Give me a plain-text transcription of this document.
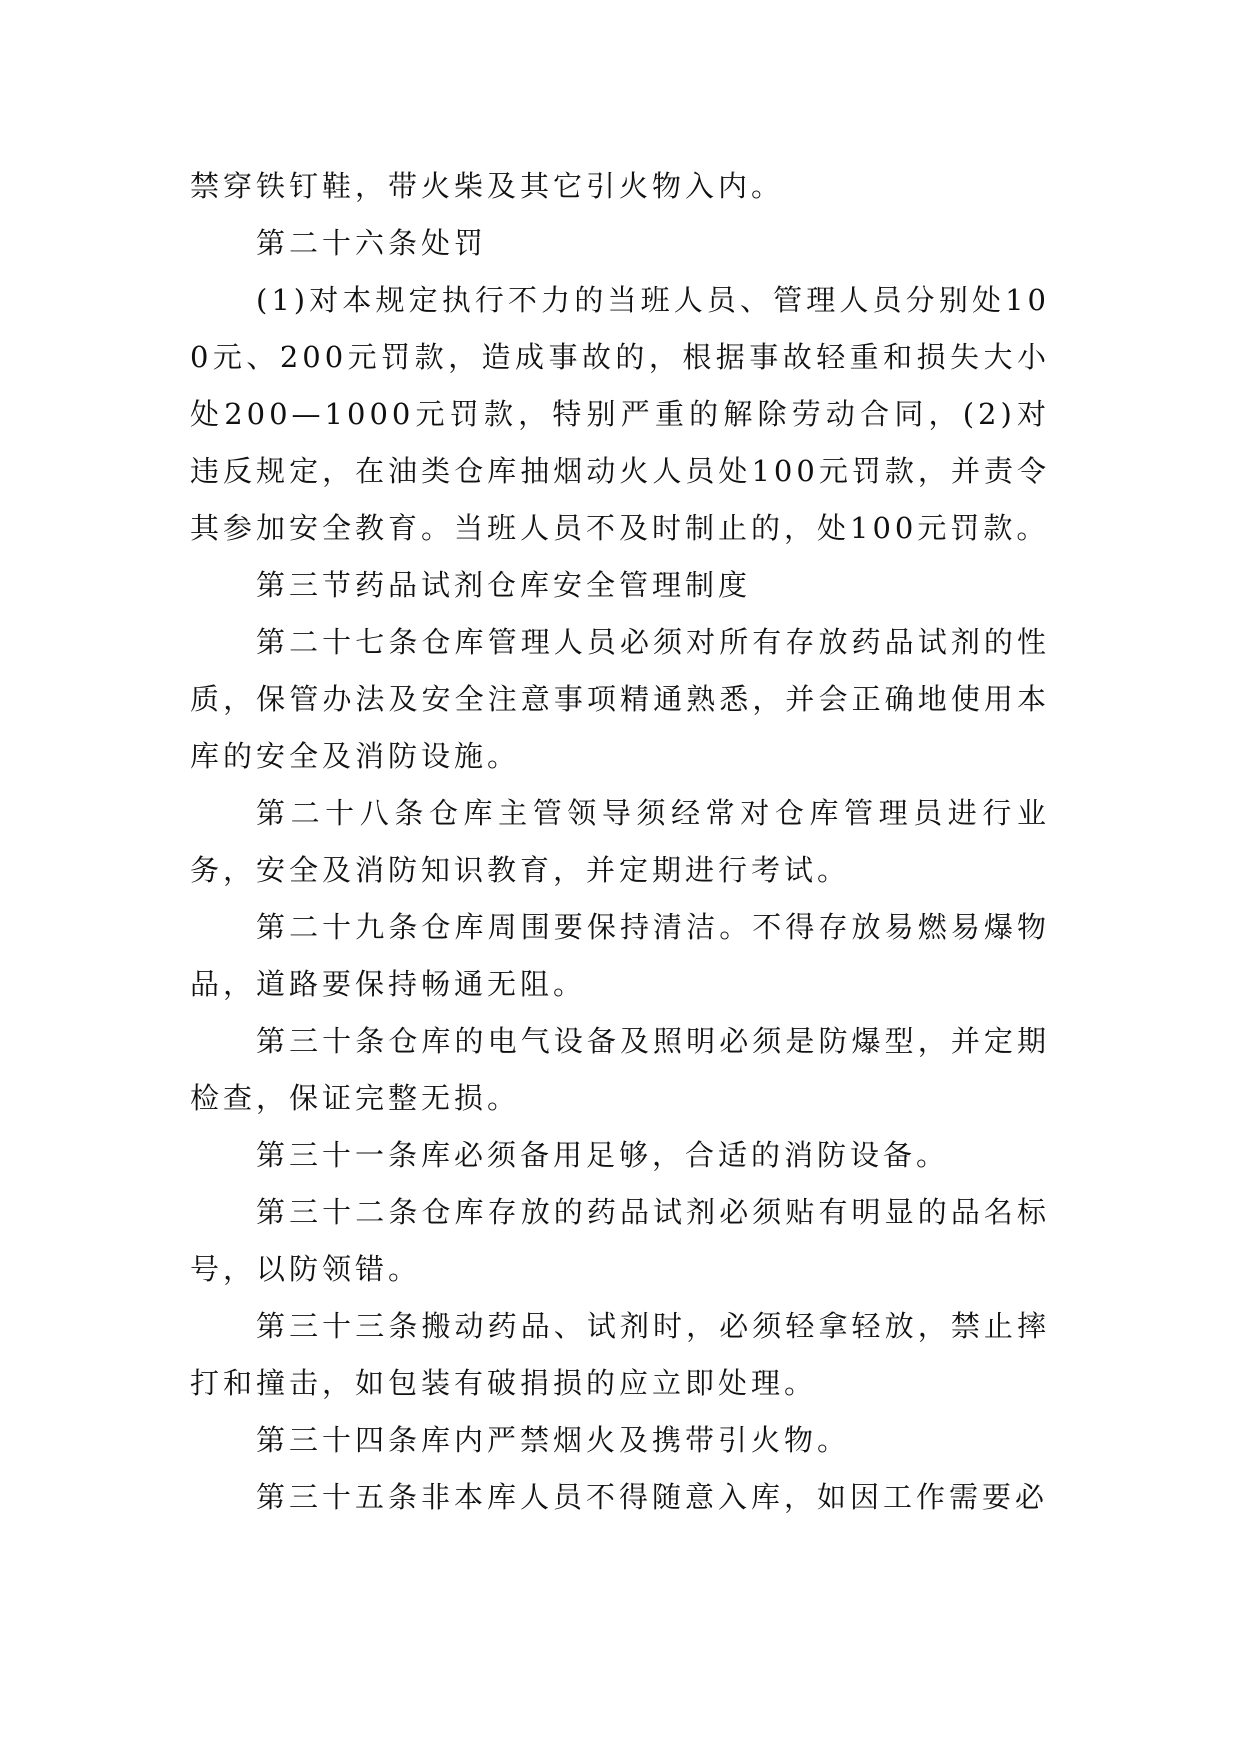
禁穿铁钉鞋，带火柴及其它引火物入内。

第二十六条处罚

(1)对本规定执行不力的当班人员、管理人员分别处100元、200元罚款，造成事故的，根据事故轻重和损失大小处200—1000元罚款，特别严重的解除劳动合同，(2)对违反规定，在油类仓库抽烟动火人员处100元罚款，并责令其参加安全教育。当班人员不及时制止的，处100元罚款。

第三节药品试剂仓库安全管理制度

第二十七条仓库管理人员必须对所有存放药品试剂的性质，保管办法及安全注意事项精通熟悉，并会正确地使用本库的安全及消防设施。

第二十八条仓库主管领导须经常对仓库管理员进行业务，安全及消防知识教育，并定期进行考试。

第二十九条仓库周围要保持清洁。不得存放易燃易爆物品，道路要保持畅通无阻。

第三十条仓库的电气设备及照明必须是防爆型，并定期检查，保证完整无损。

第三十一条库必须备用足够，合适的消防设备。

第三十二条仓库存放的药品试剂必须贴有明显的品名标号，以防领错。

第三十三条搬动药品、试剂时，必须轻拿轻放，禁止摔打和撞击，如包装有破捐损的应立即处理。

第三十四条库内严禁烟火及携带引火物。

第三十五条非本库人员不得随意入库，如因工作需要必
